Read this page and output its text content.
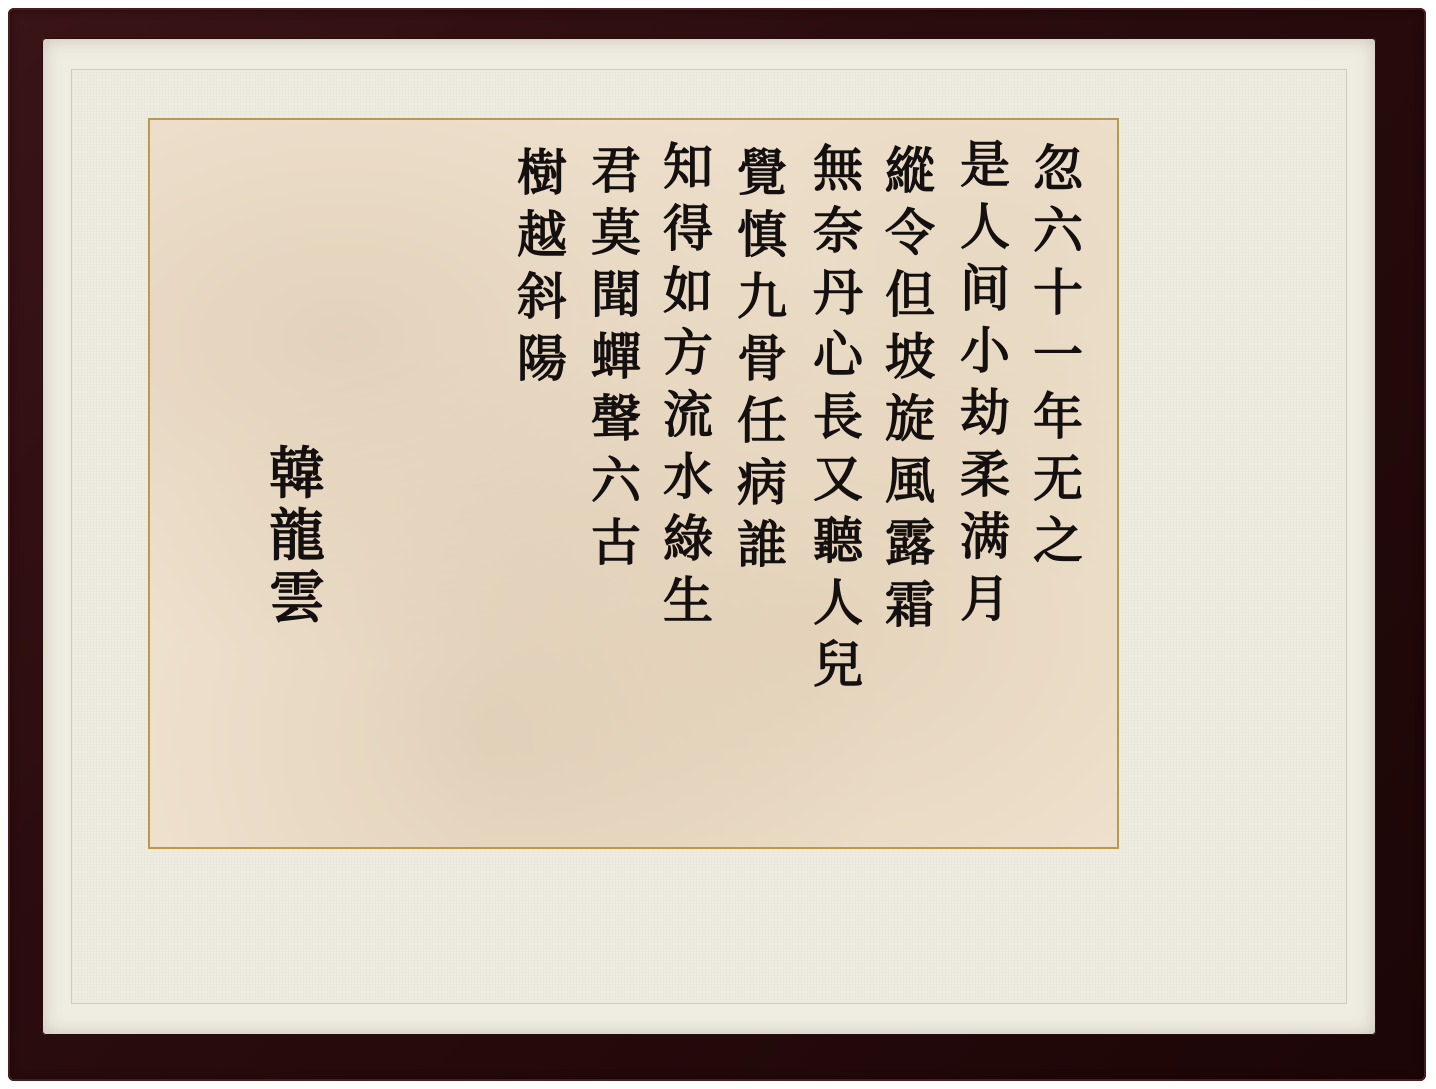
忽
六
十
一
年
无
之
是
人
间
小
劫
柔
满
月
縱
令
但
坡
旋
風
露
霜
無
奈
丹
心
長
又
聽
人
兒
覺
慎
九
骨
任
病
誰
知
得
如
方
流
水
綠
生
君
莫
聞
蟬
聲
六
古
樹
越
斜
陽
韓
龍
雲
